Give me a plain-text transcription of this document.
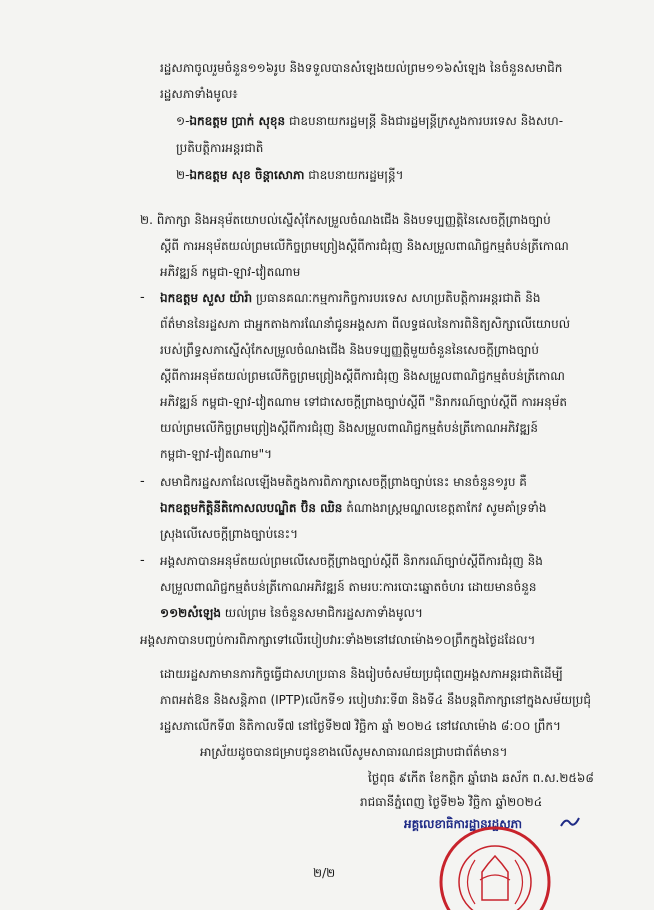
រដ្ឋសភាចូលរួមចំនួន១១៦រូប និងទទួលបានសំឡេងយល់ព្រម១១៦សំឡេង នៃចំនួនសមាជិក
រដ្ឋសភាទាំងមូល៖
១-ឯកឧត្តម ប្រាក់ សុខុន ជាឧបនាយករដ្ឋមន្ត្រី និងជារដ្ឋមន្ត្រីក្រសួងការបរទេស និងសហ-
ប្រតិបត្តិការអន្តរជាតិ
២-ឯកឧត្តម សុខ ចិន្តាសោភា ជាឧបនាយករដ្ឋមន្ត្រី។
២. ពិភាក្សា និងអនុម័តយោបល់ស្នើសុំកែសម្រួលចំណងជើង និងបទប្បញ្ញត្តិនៃសេចក្តីព្រាងច្បាប់
ស្តីពី ការអនុម័តយល់ព្រមលើកិច្ចព្រមព្រៀងស្តីពីការជំរុញ និងសម្រួលពាណិជ្ជកម្មតំបន់ត្រីកោណ
អភិវឌ្ឍន៍ កម្ពុជា-ឡាវ-វៀតណាម
- ឯកឧត្តម សួស យ៉ារ៉ា ប្រធានគណៈកម្មការកិច្ចការបរទេស សហប្រតិបត្តិការអន្តរជាតិ និង
ព័ត៌មាននៃរដ្ឋសភា ជាអ្នកតាងការណែនាំជូនអង្គសភា ពីលទ្ធផលនៃការពិនិត្យសិក្សាលើយោបល់
របស់ព្រឹទ្ធសភាស្នើសុំកែសម្រួលចំណងជើង និងបទប្បញ្ញត្តិមួយចំនួននៃសេចក្តីព្រាងច្បាប់
ស្តីពីការអនុម័តយល់ព្រមលើកិច្ចព្រមព្រៀងស្តីពីការជំរុញ និងសម្រួលពាណិជ្ជកម្មតំបន់ត្រីកោណ
អភិវឌ្ឍន៍ កម្ពុជា-ឡាវ-វៀតណាម ទៅជាសេចក្តីព្រាងច្បាប់ស្តីពី "និរាករណ៍ច្បាប់ស្តីពី ការអនុម័ត
យល់ព្រមលើកិច្ចព្រមព្រៀងស្តីពីការជំរុញ និងសម្រួលពាណិជ្ជកម្មតំបន់ត្រីកោណអភិវឌ្ឍន៍
កម្ពុជា-ឡាវ-វៀតណាម"។
- សមាជិករដ្ឋសភាដែលឡើងមតិក្នុងការពិភាក្សាសេចក្តីព្រាងច្បាប់នេះ មានចំនួន១រូប គឺ
ឯកឧត្តមកិត្តិនីតិកោសលបណ្ឌិត ប៊ិន ឈិន តំណាងរាស្ត្រមណ្ឌលខេត្តតាកែវ សូមគាំទ្រទាំង
ស្រុងលើសេចក្តីព្រាងច្បាប់នេះ។
- អង្គសភាបានអនុម័តយល់ព្រមលើសេចក្តីព្រាងច្បាប់ស្តីពី និរាករណ៍ច្បាប់ស្តីពីការជំរុញ និង
សម្រួលពាណិជ្ជកម្មតំបន់ត្រីកោណអភិវឌ្ឍន៍ តាមរបៈការបោះឆ្នោតចំហរ ដោយមានចំនួន
១១២សំឡេង យល់ព្រម នៃចំនួនសមាជិករដ្ឋសភាទាំងមូល។
អង្គសភាបានបញ្ចប់ការពិភាក្សាទៅលើរបៀបវារៈទាំង២នៅវេលាម៉ោង១០ព្រឹកក្នុងថ្ងៃដដែល។
ដោយរដ្ឋសភាមានភារកិច្ចធ្វើជាសហប្រធាន និងរៀបចំសម័យប្រជុំពេញអង្គសភាអន្តរជាតិដើម្បី
ភាពអត់ឱន និងសន្តិភាព (IPTP)លើកទី១ របៀបវារៈទី៣ និងទី៤ នឹងបន្តពិភាក្សានៅក្នុងសម័យប្រជុំ
រដ្ឋសភាលើកទី៣ និតិកាលទី៧ នៅថ្ងៃទី២៧ វិច្ឆិកា ឆ្នាំ ២០២៤ នៅវេលាម៉ោង ៨:០០ ព្រឹក។
អាស្រ័យដូចបានជម្រាបជូនខាងលើសូមសាធារណជនជ្រាបជាព័ត៌មាន។
ថ្ងៃពុធ ៩កេីត ខែកត្តិក ឆ្នាំរោង ឆស័ក ព.ស.២៥៦៨
រាជធានីភ្នំពេញ ថ្ងៃទី២៦ វិច្ឆិកា ឆ្នាំ២០២៤
អគ្គលេខាធិការដ្ឋានរដ្ឋសភា
២/២
